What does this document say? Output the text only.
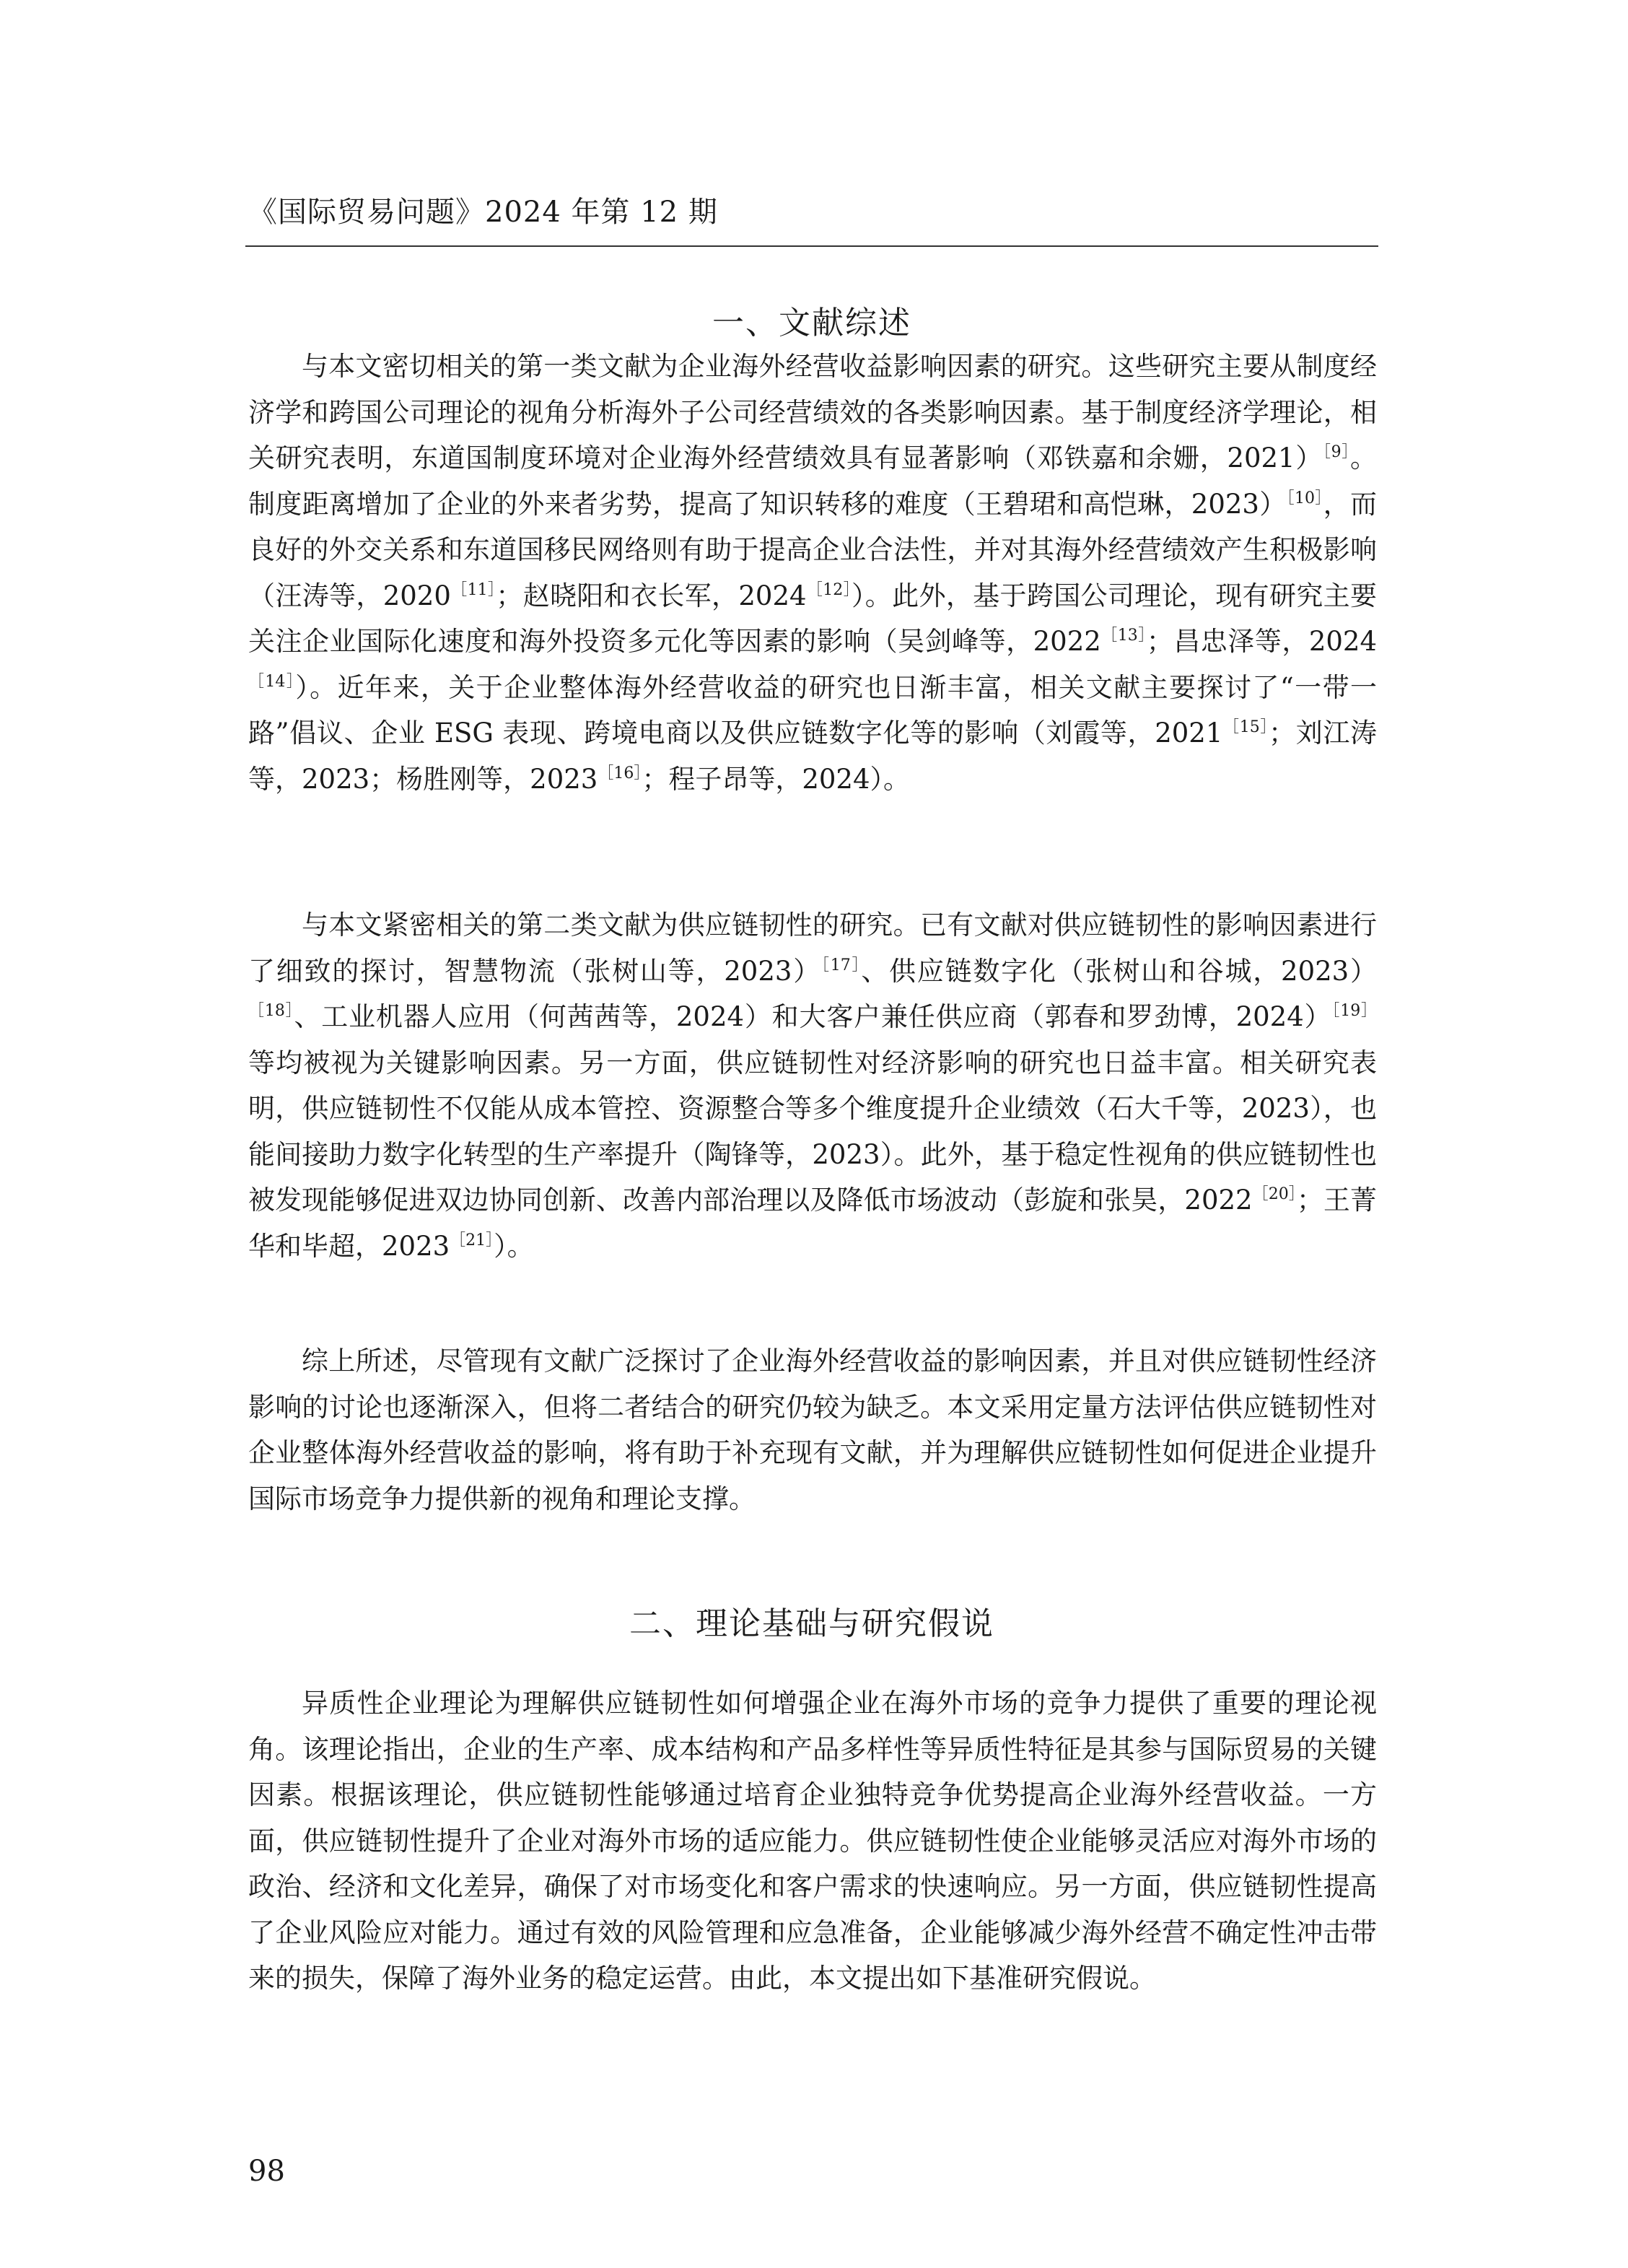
《国际贸易问题》2024 年第 12 期
一、文献综述

与本文密切相关的第一类文献为企业海外经营收益影响因素的研究。这些研究主要从制度经济学和跨国公司理论的视角分析海外子公司经营绩效的各类影响因素。基于制度经济学理论，相关研究表明，东道国制度环境对企业海外经营绩效具有显著影响（邓铁嘉和余姗，2021）$^{[9]}$。制度距离增加了企业的外来者劣势，提高了知识转移的难度（王碧珺和高恺琳，2023）$^{[10]}$，而良好的外交关系和东道国移民网络则有助于提高企业合法性，并对其海外经营绩效产生积极影响（汪涛等，$2020^{[11]}$；赵晓阳和衣长军，$2024^{[12]}$）。此外，基于跨国公司理论，现有研究主要关注企业国际化速度和海外投资多元化等因素的影响（吴剑峰等，$2022^{[13]}$；昌忠泽等，$2024^{[14]}$）。近年来，关于企业整体海外经营收益的研究也日渐丰富，相关文献主要探讨了“一带一路”倡议、企业 ESG 表现、跨境电商以及供应链数字化等的影响（刘霞等，$2021^{[15]}$；刘江涛等，2023；杨胜刚等，$2023^{[16]}$；程子昂等，2024）。

与本文紧密相关的第二类文献为供应链韧性的研究。已有文献对供应链韧性的影响因素进行了细致的探讨，智慧物流（张树山等，2023）$^{[17]}$、供应链数字化（张树山和谷城，2023）$^{[18]}$、工业机器人应用（何茜茜等，2024）和大客户兼任供应商（郭春和罗劲博，2024）$^{[19]}$等均被视为关键影响因素。另一方面，供应链韧性对经济影响的研究也日益丰富。相关研究表明，供应链韧性不仅能从成本管控、资源整合等多个维度提升企业绩效（石大千等，2023），也能间接助力数字化转型的生产率提升（陶锋等，2023）。此外，基于稳定性视角的供应链韧性也被发现能够促进双边协同创新、改善内部治理以及降低市场波动（彭旋和张昊，$2022^{[20]}$；王菁华和毕超，$2023^{[21]}$）。

综上所述，尽管现有文献广泛探讨了企业海外经营收益的影响因素，并且对供应链韧性经济影响的讨论也逐渐深入，但将二者结合的研究仍较为缺乏。本文采用定量方法评估供应链韧性对企业整体海外经营收益的影响，将有助于补充现有文献，并为理解供应链韧性如何促进企业提升国际市场竞争力提供新的视角和理论支撑。

二、理论基础与研究假说

异质性企业理论为理解供应链韧性如何增强企业在海外市场的竞争力提供了重要的理论视角。该理论指出，企业的生产率、成本结构和产品多样性等异质性特征是其参与国际贸易的关键因素。根据该理论，供应链韧性能够通过培育企业独特竞争优势提高企业海外经营收益。一方面，供应链韧性提升了企业对海外市场的适应能力。供应链韧性使企业能够灵活应对海外市场的政治、经济和文化差异，确保了对市场变化和客户需求的快速响应。另一方面，供应链韧性提高了企业风险应对能力。通过有效的风险管理和应急准备，企业能够减少海外经营不确定性冲击带来的损失，保障了海外业务的稳定运营。由此，本文提出如下基准研究假说。

98
